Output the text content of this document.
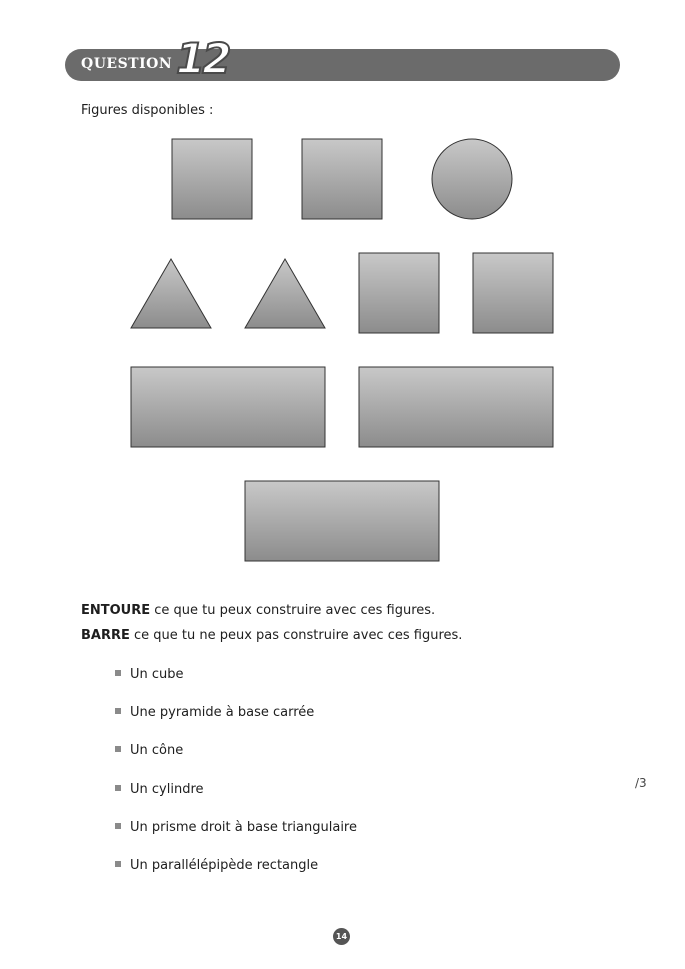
QUESTION 12
Figures disponibles :
ENTOURE ce que tu peux construire avec ces figures.
BARRE ce que tu ne peux pas construire avec ces figures.
Un cube
Une pyramide à base carrée
Un cône
Un cylindre
Un prisme droit à base triangulaire
Un parallélépipède rectangle
/3
14
